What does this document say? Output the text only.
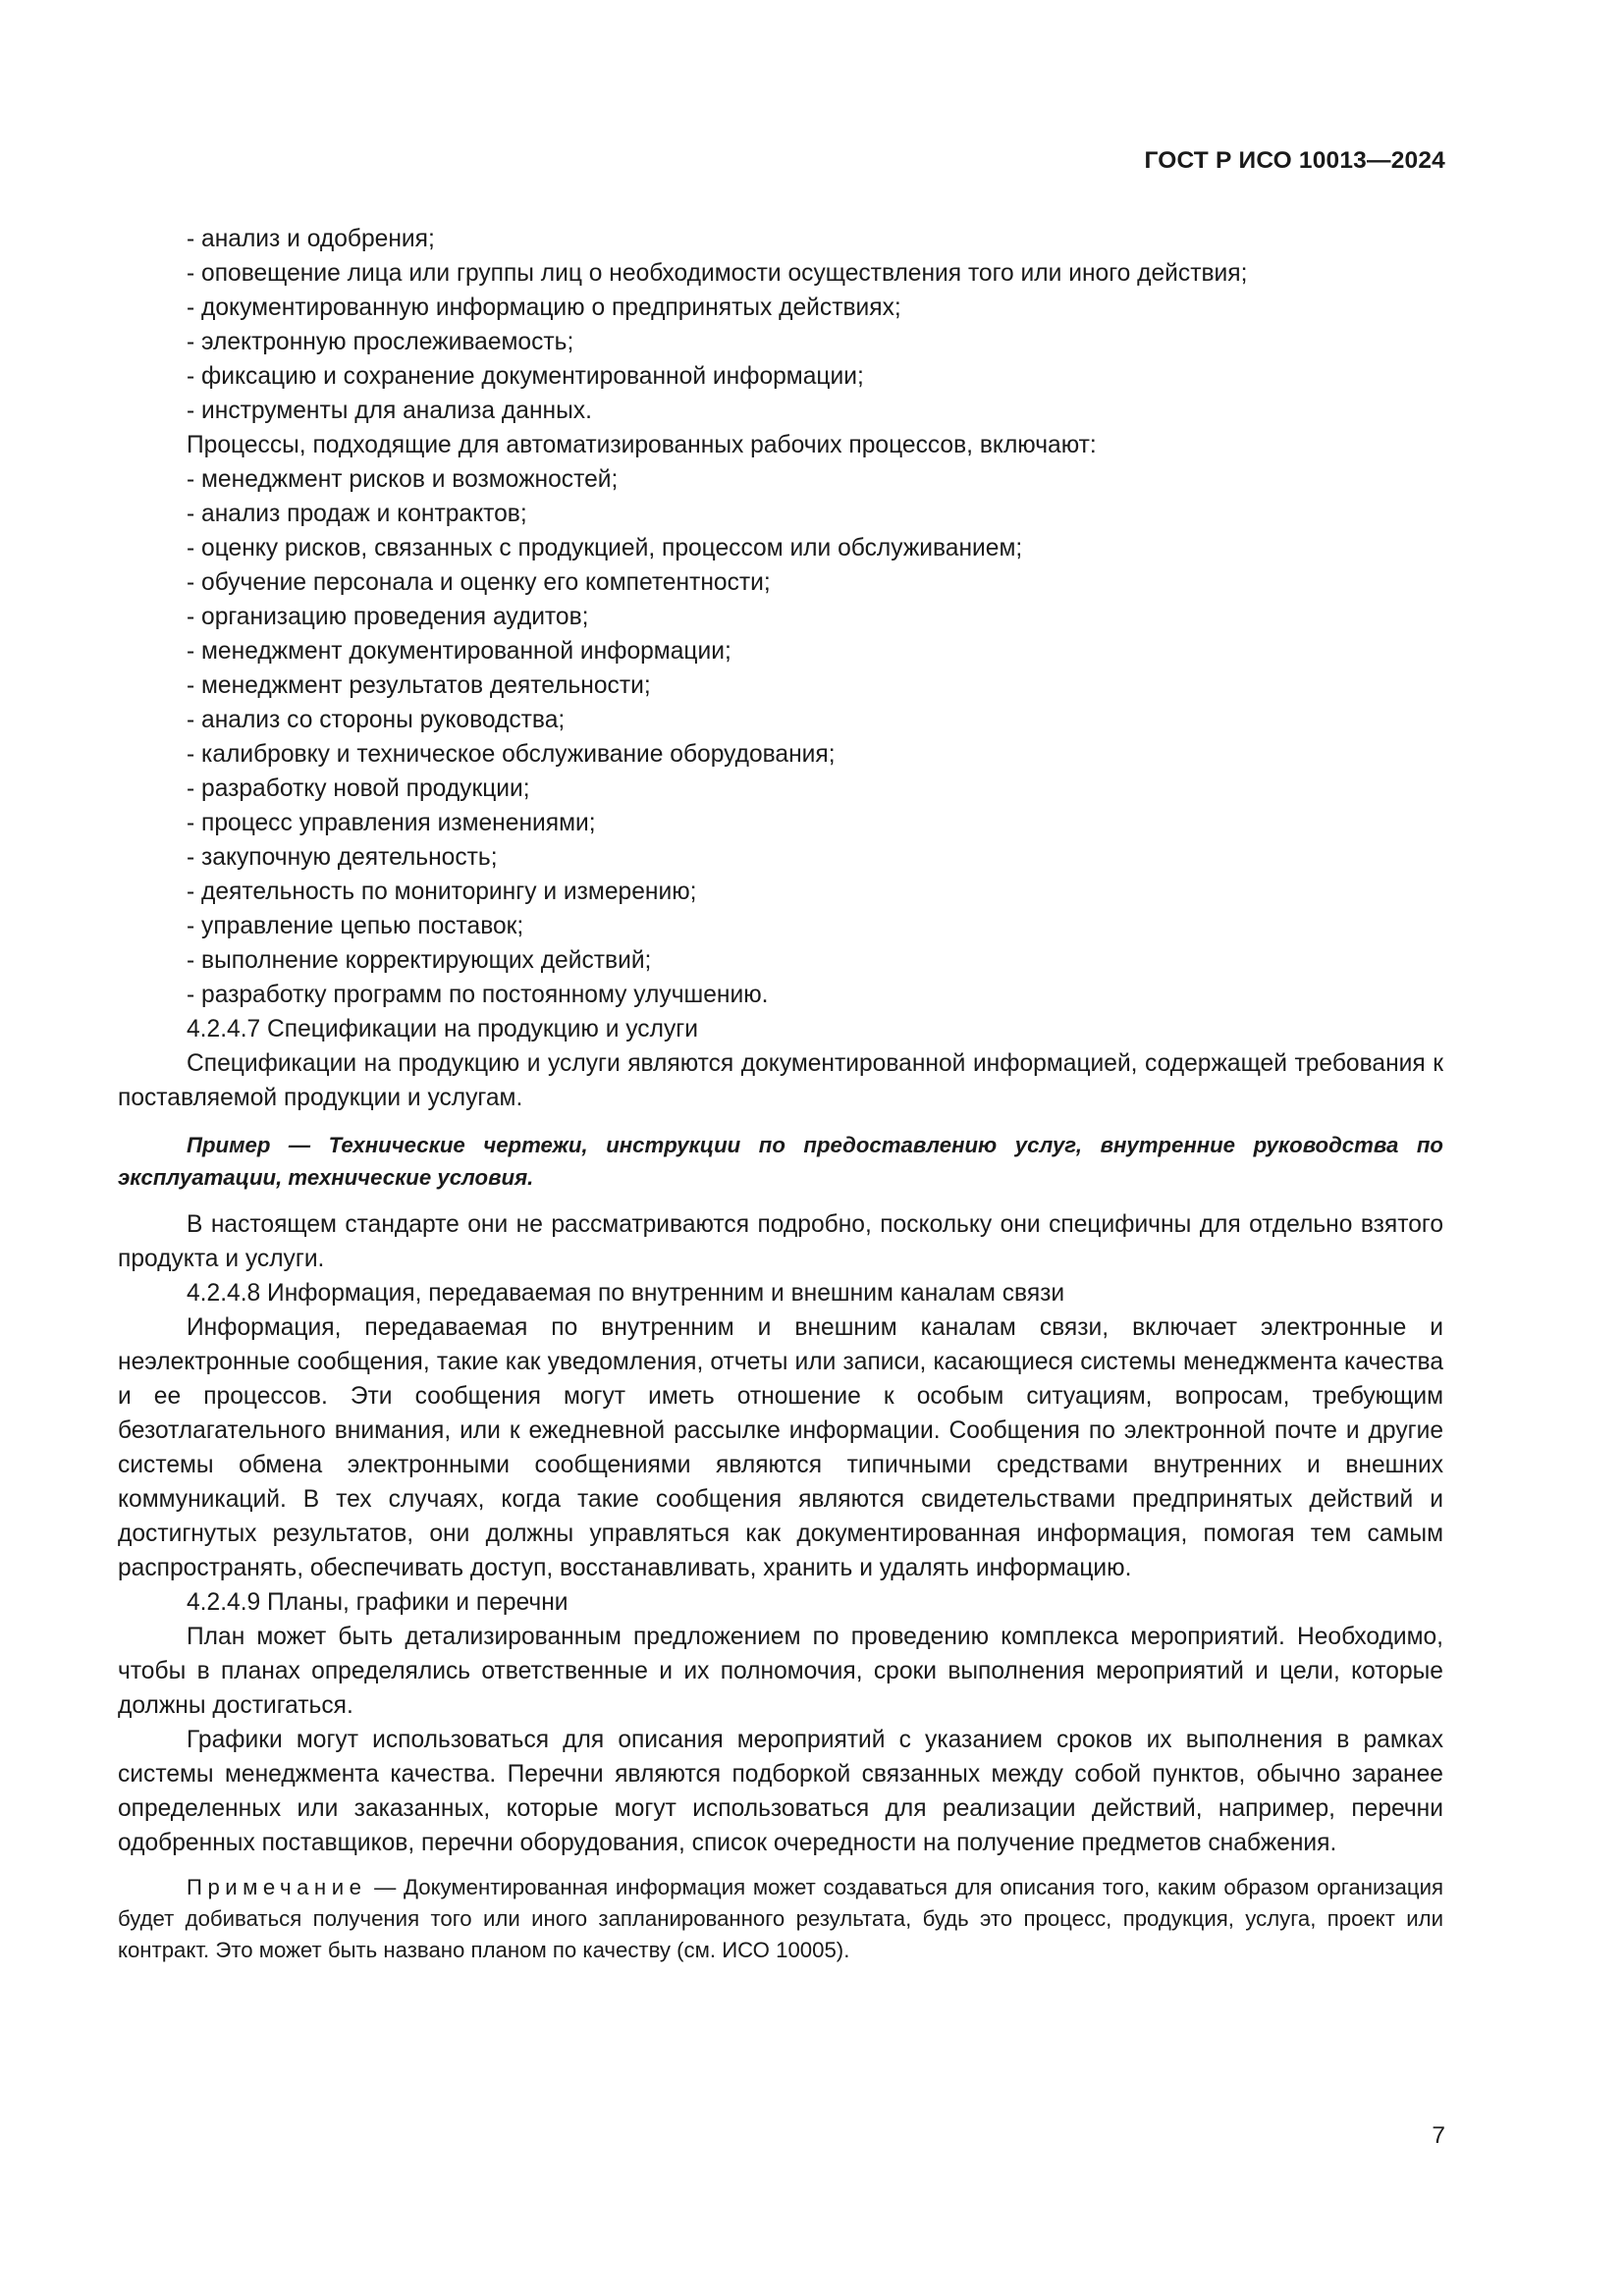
ГОСТ Р ИСО 10013—2024

- анализ и одобрения;

- оповещение лица или группы лиц о необходимости осуществления того или иного действия;

- документированную информацию о предпринятых действиях;

- электронную прослеживаемость;

- фиксацию и сохранение документированной информации;

- инструменты для анализа данных.

Процессы, подходящие для автоматизированных рабочих процессов, включают:

- менеджмент рисков и возможностей;

- анализ продаж и контрактов;

- оценку рисков, связанных с продукцией, процессом или обслуживанием;

- обучение персонала и оценку его компетентности;

- организацию проведения аудитов;

- менеджмент документированной информации;

- менеджмент результатов деятельности;

- анализ со стороны руководства;

- калибровку и техническое обслуживание оборудования;

- разработку новой продукции;

- процесс управления изменениями;

- закупочную деятельность;

- деятельность по мониторингу и измерению;

- управление цепью поставок;

- выполнение корректирующих действий;

- разработку программ по постоянному улучшению.

4.2.4.7 Спецификации на продукцию и услуги

Спецификации на продукцию и услуги являются документированной информацией, содержащей требования к поставляемой продукции и услугам.

Пример — Технические чертежи, инструкции по предоставлению услуг, внутренние руководства по эксплуатации, технические условия.

В настоящем стандарте они не рассматриваются подробно, поскольку они специфичны для отдельно взятого продукта и услуги.

4.2.4.8 Информация, передаваемая по внутренним и внешним каналам связи

Информация, передаваемая по внутренним и внешним каналам связи, включает электронные и неэлектронные сообщения, такие как уведомления, отчеты или записи, касающиеся системы менеджмента качества и ее процессов. Эти сообщения могут иметь отношение к особым ситуациям, вопросам, требующим безотлагательного внимания, или к ежедневной рассылке информации. Сообщения по электронной почте и другие системы обмена электронными сообщениями являются типичными средствами внутренних и внешних коммуникаций. В тех случаях, когда такие сообщения являются свидетельствами предпринятых действий и достигнутых результатов, они должны управляться как документированная информация, помогая тем самым распространять, обеспечивать доступ, восстанавливать, хранить и удалять информацию.

4.2.4.9 Планы, графики и перечни

План может быть детализированным предложением по проведению комплекса мероприятий. Необходимо, чтобы в планах определялись ответственные и их полномочия, сроки выполнения мероприятий и цели, которые должны достигаться.

Графики могут использоваться для описания мероприятий с указанием сроков их выполнения в рамках системы менеджмента качества. Перечни являются подборкой связанных между собой пунктов, обычно заранее определенных или заказанных, которые могут использоваться для реализации действий, например, перечни одобренных поставщиков, перечни оборудования, список очередности на получение предметов снабжения.

Примечание — Документированная информация может создаваться для описания того, каким образом организация будет добиваться получения того или иного запланированного результата, будь это процесс, продукция, услуга, проект или контракт. Это может быть названо планом по качеству (см. ИСО 10005).

7
